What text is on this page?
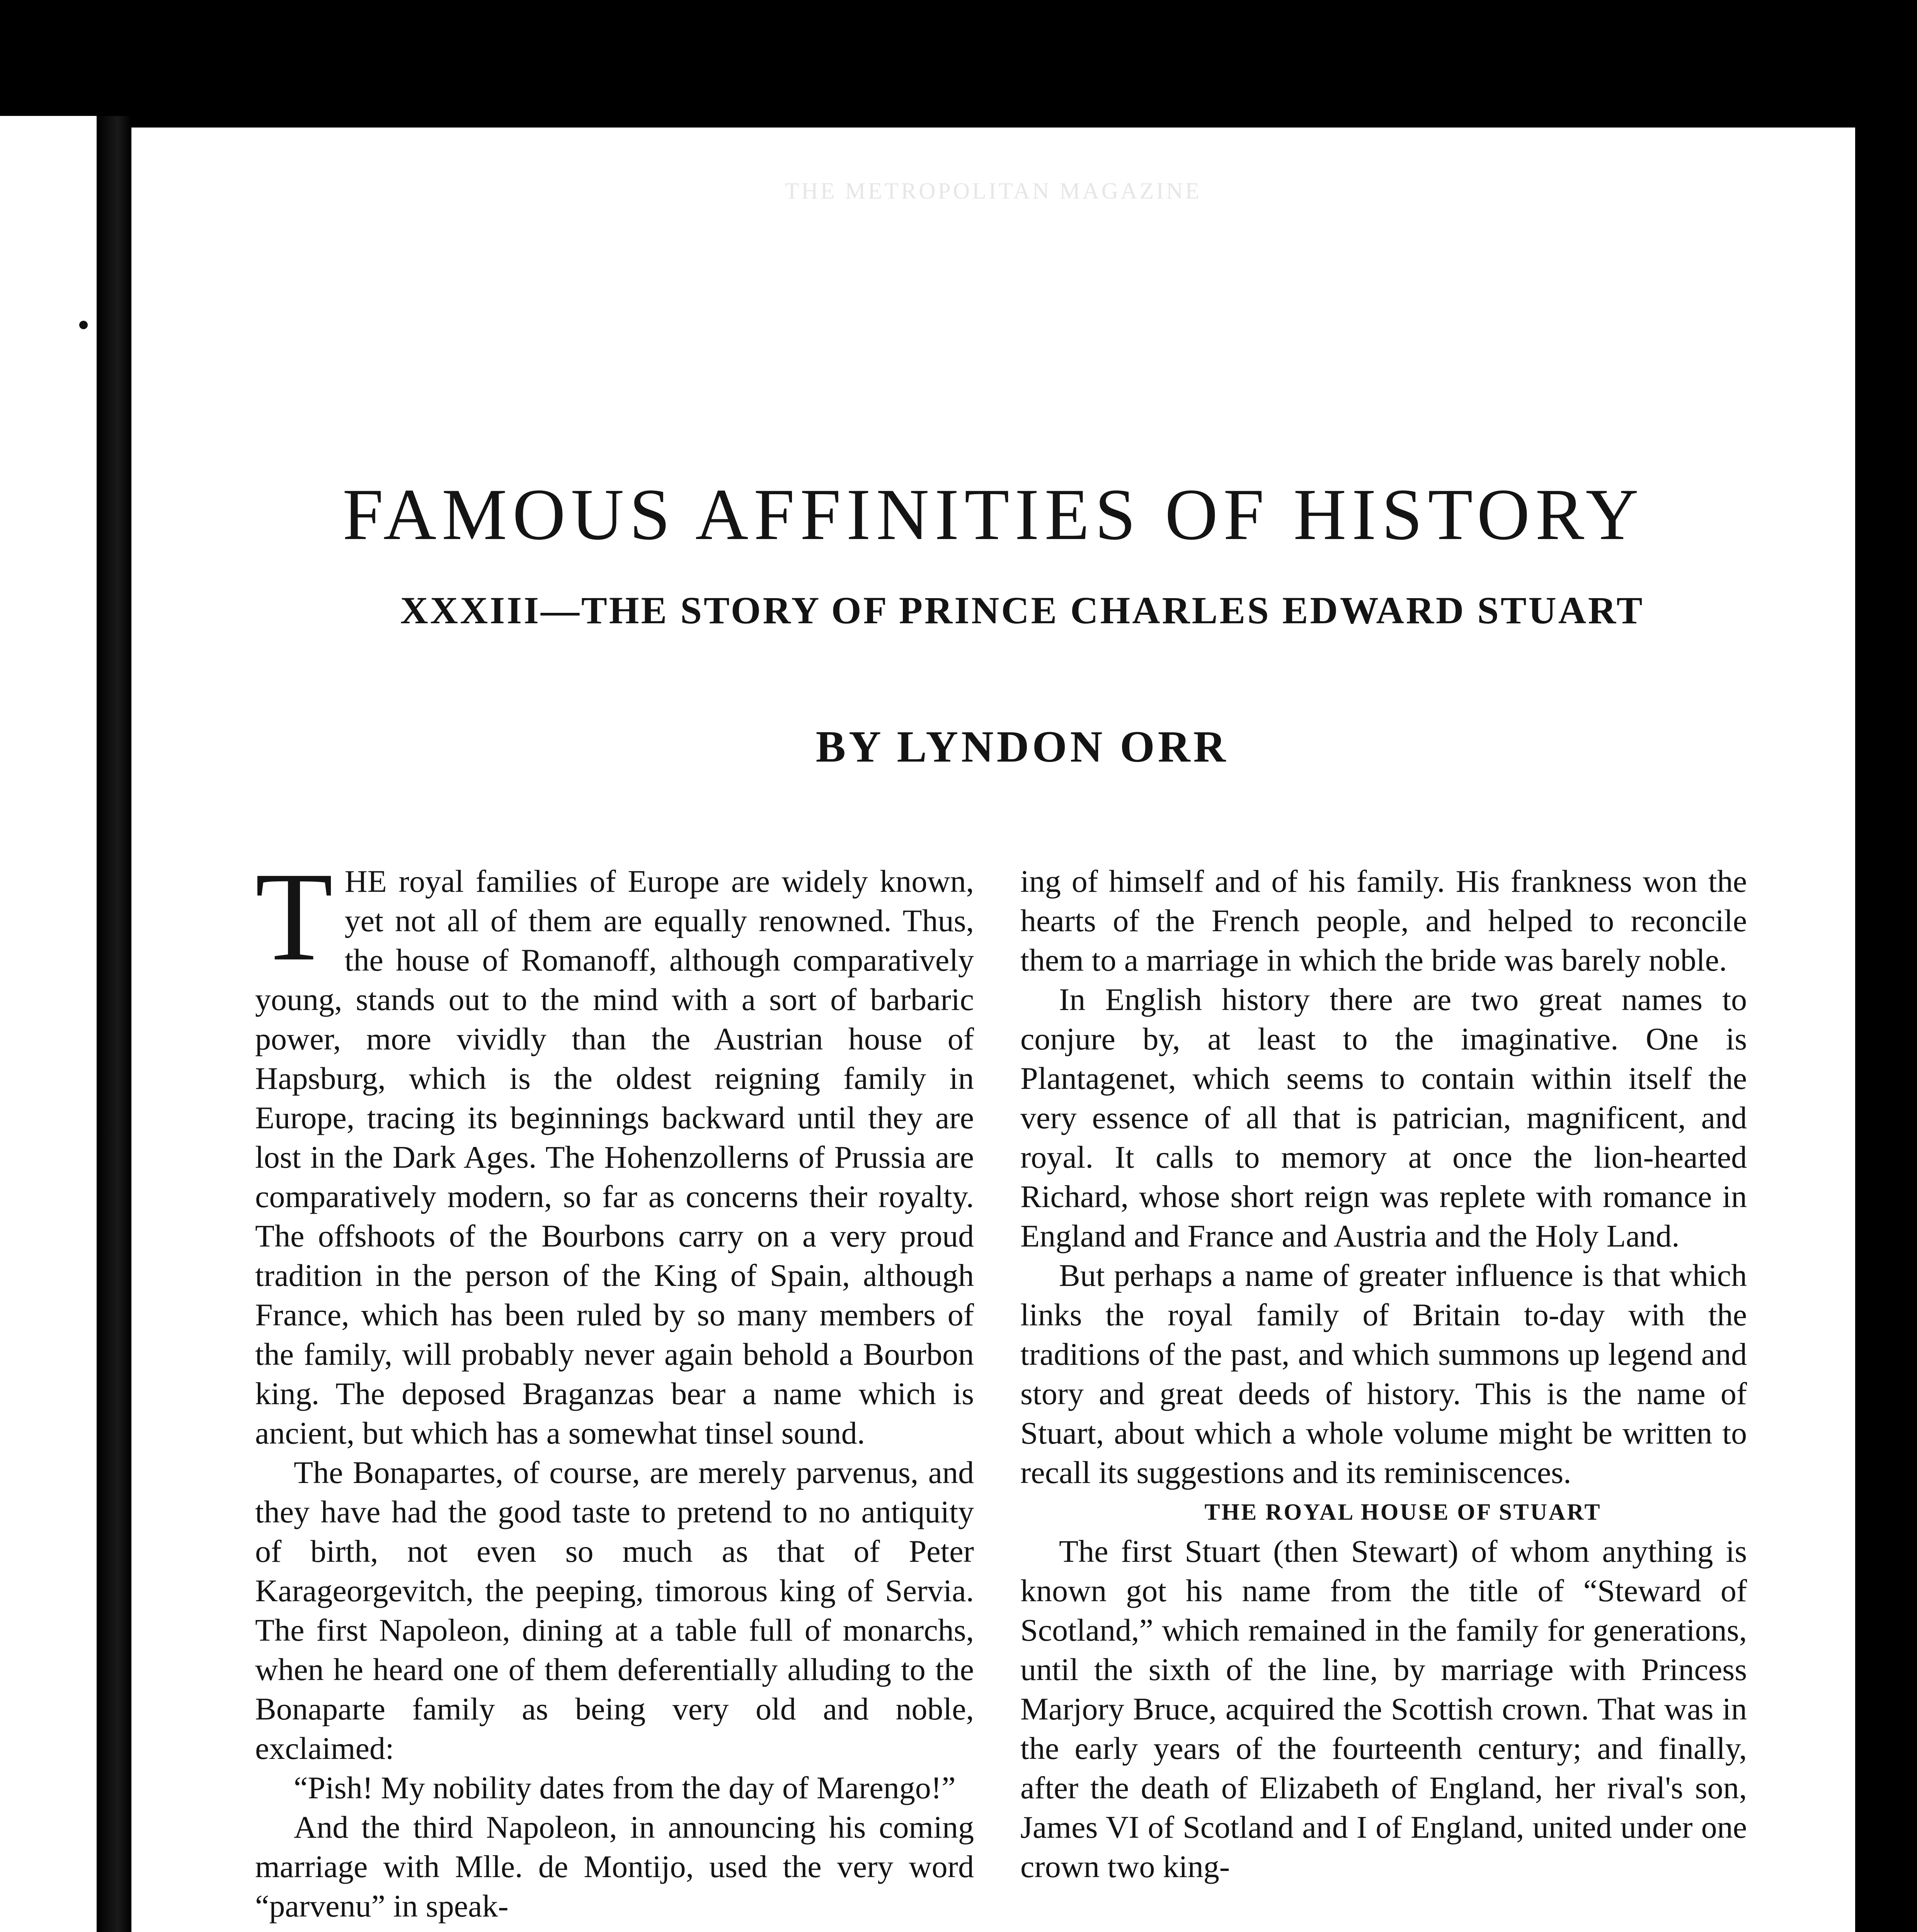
THE METROPOLITAN MAGAZINE
FAMOUS AFFINITIES OF HISTORY
XXXIII—THE STORY OF PRINCE CHARLES EDWARD STUART
BY LYNDON ORR

THE royal families of Europe are widely known, yet not all of them are equally renowned. Thus, the house of Romanoff, although comparatively young, stands out to the mind with a sort of barbaric power, more vividly than the Austrian house of Hapsburg, which is the oldest reigning family in Europe, tracing its beginnings backward until they are lost in the Dark Ages. The Hohenzollerns of Prussia are comparatively modern, so far as concerns their royalty. The offshoots of the Bourbons carry on a very proud tradition in the person of the King of Spain, although France, which has been ruled by so many members of the family, will probably never again behold a Bourbon king. The deposed Braganzas bear a name which is ancient, but which has a somewhat tinsel sound.

The Bonapartes, of course, are merely parvenus, and they have had the good taste to pretend to no antiquity of birth, not even so much as that of Peter Karageorgevitch, the peeping, timorous king of Servia. The first Napoleon, dining at a table full of monarchs, when he heard one of them deferentially alluding to the Bonaparte family as being very old and noble, exclaimed:

“Pish! My nobility dates from the day of Marengo!”

And the third Napoleon, in announcing his coming marriage with Mlle. de Montijo, used the very word “parvenu” in speak-

ing of himself and of his family. His frankness won the hearts of the French people, and helped to reconcile them to a marriage in which the bride was barely noble.

In English history there are two great names to conjure by, at least to the imaginative. One is Plantagenet, which seems to contain within itself the very essence of all that is patrician, magnificent, and royal. It calls to memory at once the lion-hearted Richard, whose short reign was replete with romance in England and France and Austria and the Holy Land.

But perhaps a name of greater influence is that which links the royal family of Britain to-day with the traditions of the past, and which summons up legend and story and great deeds of history. This is the name of Stuart, about which a whole volume might be written to recall its suggestions and its reminiscences.

THE ROYAL HOUSE OF STUART

The first Stuart (then Stewart) of whom anything is known got his name from the title of “Steward of Scotland,” which remained in the family for generations, until the sixth of the line, by marriage with Princess Marjory Bruce, acquired the Scottish crown. That was in the early years of the fourteenth century; and finally, after the death of Elizabeth of England, her rival's son, James VI of Scotland and I of England, united under one crown two king-
